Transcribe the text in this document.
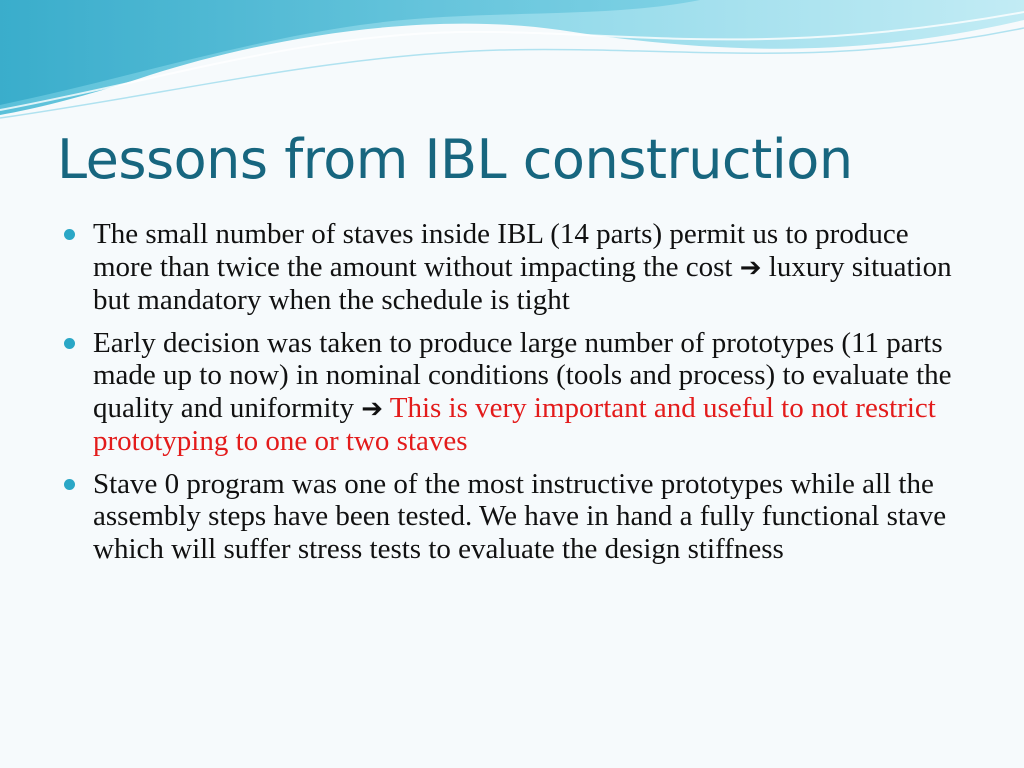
Lessons from IBL construction
The small number of staves inside IBL (14 parts) permit us to produce more than twice the amount without impacting the cost ➔ luxury situation but mandatory when the schedule is tight
Early decision was taken to produce large number of prototypes (11 parts made up to now) in nominal conditions (tools and process) to evaluate the quality and uniformity ➔ This is very important and useful to not restrict prototyping to one or two staves
Stave 0 program was one of the most instructive prototypes while all the assembly steps have been tested. We have in hand a fully functional stave which will suffer stress tests to evaluate the design stiffness
